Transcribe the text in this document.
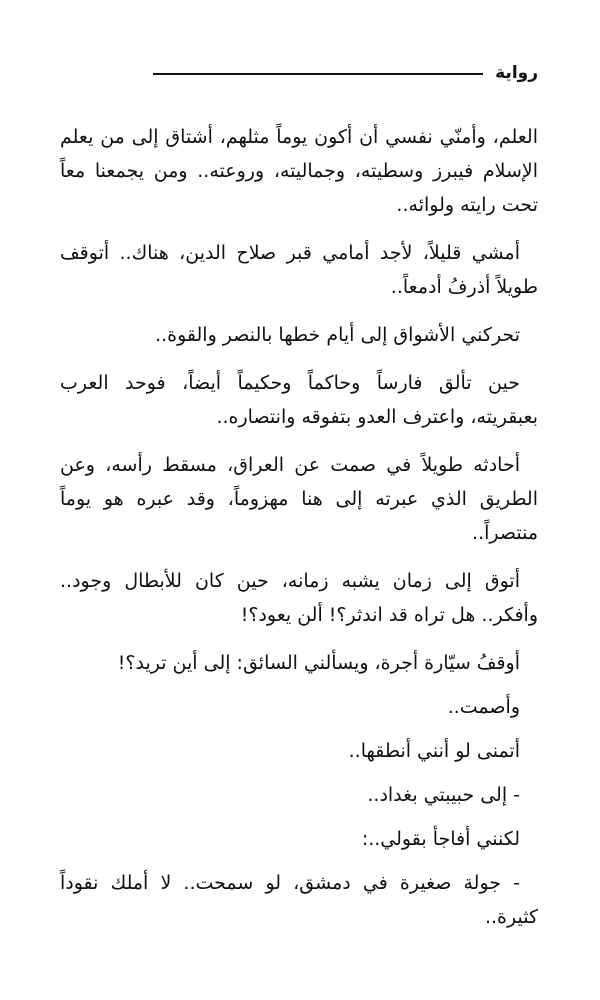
رواية

العلم، وأمنّي نفسي أن أكون يوماً مثلهم، أشتاق إلى من يعلم الإسلام فيبرز وسطيته، وجماليته، وروعته.. ومن يجمعنا معاً تحت رايته ولوائه..

أمشي قليلاً، لأجد أمامي قبر صلاح الدين، هناك.. أتوقف طويلاً أذرفُ أدمعاً..

تحركني الأشواق إلى أيام خطها بالنصر والقوة..

حين تألق فارساً وحاكماً وحكيماً أيضاً، فوحد العرب بعبقريته، واعترف العدو بتفوقه وانتصاره..

أحادثه طويلاً في صمت عن العراق، مسقط رأسه، وعن الطريق الذي عبرته إلى هنا مهزوماً، وقد عبره هو يوماً منتصراً..

أتوق إلى زمان يشبه زمانه، حين كان للأبطال وجود.. وأفكر.. هل تراه قد اندثر؟! ألن يعود؟!

أوقفُ سيّارة أجرة، ويسألني السائق: إلى أين تريد؟!

وأصمت..

أتمنى لو أنني أنطقها..

- إلى حبيبتي بغداد..

لكنني أفاجأ بقولي..:

- جولة صغيرة في دمشق، لو سمحت.. لا أملك نقوداً كثيرة..
